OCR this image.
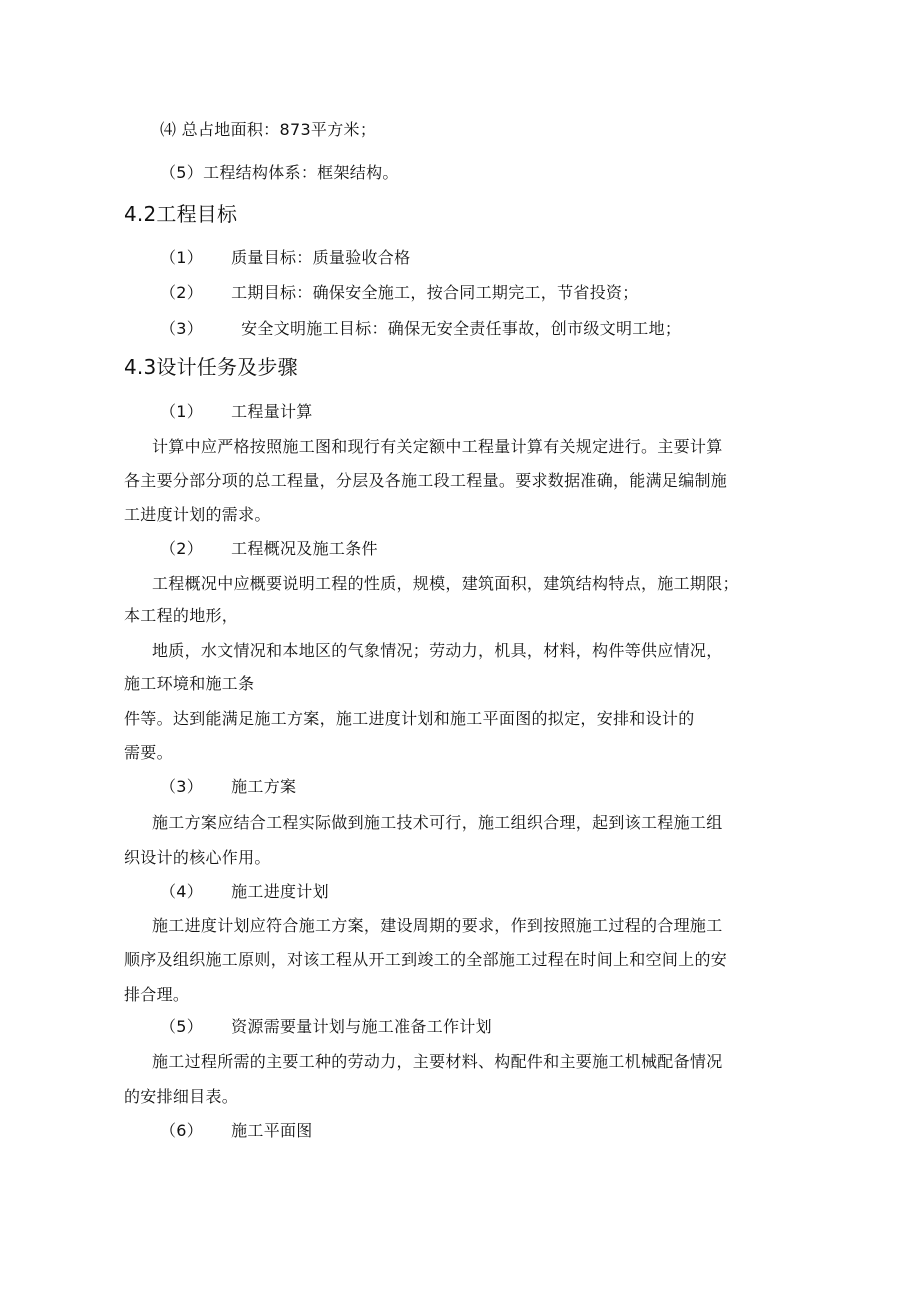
⑷ 总占地面积：873平方米；
（5）工程结构体系：框架结构。
4.2工程目标
（1） 质量目标：质量验收合格
（2） 工期目标：确保安全施工，按合同工期完工，节省投资；
（3） 安全文明施工目标：确保无安全责任事故，创市级文明工地；
4.3设计任务及步骤
（1） 工程量计算
计算中应严格按照施工图和现行有关定额中工程量计算有关规定进行。主要计算
各主要分部分项的总工程量，分层及各施工段工程量。要求数据准确，能满足编制施
工进度计划的需求。
（2） 工程概况及施工条件
工程概况中应概要说明工程的性质，规模，建筑面积，建筑结构特点，施工期限；
本工程的地形，
地质，水文情况和本地区的气象情况；劳动力，机具，材料，构件等供应情况，
施工环境和施工条
件等。达到能满足施工方案，施工进度计划和施工平面图的拟定，安排和设计的
需要。
（3） 施工方案
施工方案应结合工程实际做到施工技术可行，施工组织合理，起到该工程施工组
织设计的核心作用。
（4） 施工进度计划
施工进度计划应符合施工方案，建设周期的要求，作到按照施工过程的合理施工
顺序及组织施工原则，对该工程从开工到竣工的全部施工过程在时间上和空间上的安
排合理。
（5） 资源需要量计划与施工准备工作计划
施工过程所需的主要工种的劳动力，主要材料、构配件和主要施工机械配备情况
的安排细目表。
（6） 施工平面图
